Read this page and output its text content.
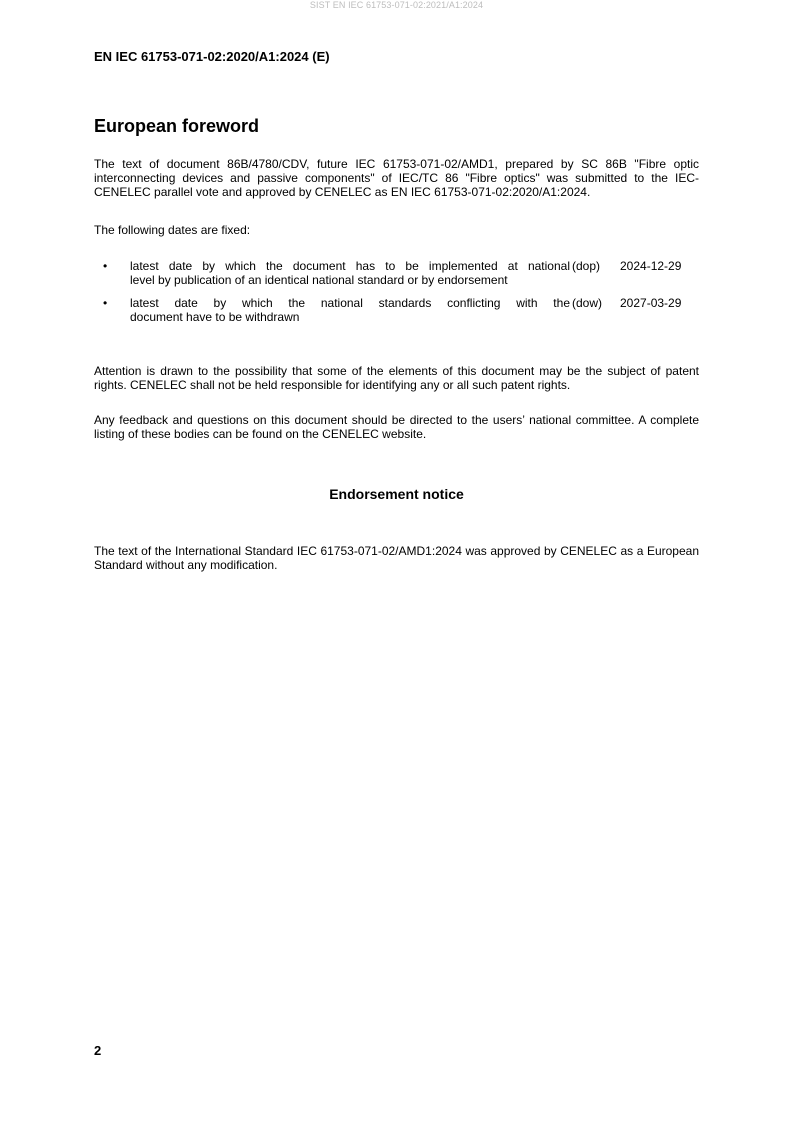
SIST EN IEC 61753-071-02:2021/A1:2024
EN IEC 61753-071-02:2020/A1:2024 (E)
European foreword
The text of document 86B/4780/CDV, future IEC 61753-071-02/AMD1, prepared by SC 86B "Fibre optic interconnecting devices and passive components" of IEC/TC 86 "Fibre optics" was submitted to the IEC-CENELEC parallel vote and approved by CENELEC as EN IEC 61753-071-02:2020/A1:2024.
The following dates are fixed:
• latest date by which the document has to be implemented at national
level by publication of an identical national standard or by endorsement
(dop) 2024-12-29
• latest date by which the national standards conflicting with the
document have to be withdrawn
(dow) 2027-03-29
Attention is drawn to the possibility that some of the elements of this document may be the subject of patent rights. CENELEC shall not be held responsible for identifying any or all such patent rights.
Any feedback and questions on this document should be directed to the users’ national committee. A complete listing of these bodies can be found on the CENELEC website.
Endorsement notice
The text of the International Standard IEC 61753-071-02/AMD1:2024 was approved by CENELEC as a European Standard without any modification.
2
